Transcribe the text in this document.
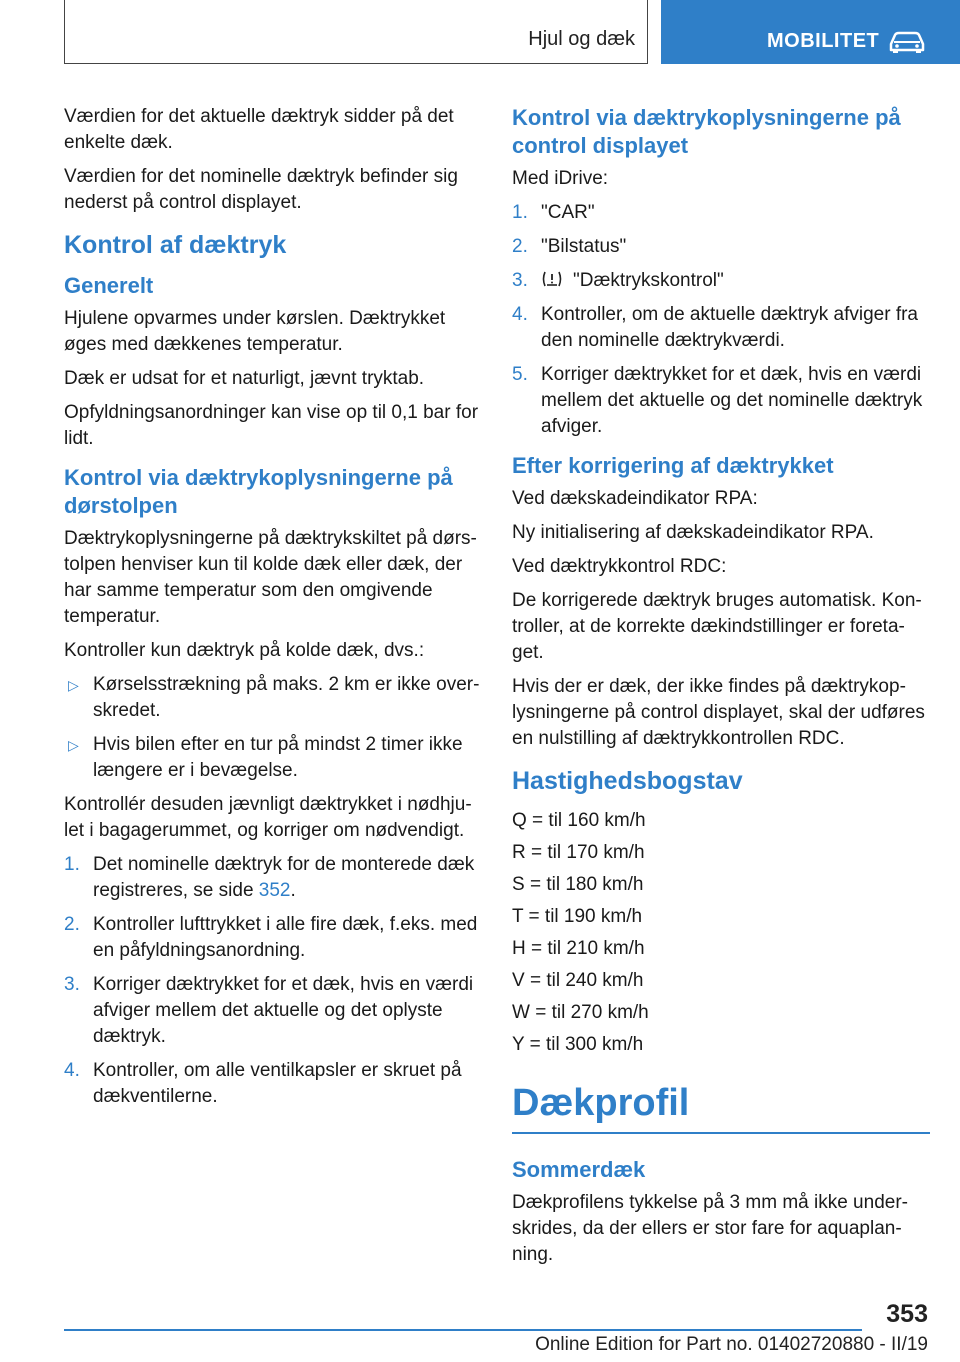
Hjul og dæk	MOBILITET

Værdien for det aktuelle dæktryk sidder på det enkelte dæk.

Værdien for det nominelle dæktryk befinder sig nederst på control displayet.

Kontrol af dæktryk
Generelt

Hjulene opvarmes under kørslen. Dæktrykket øges med dækkenes temperatur.

Dæk er udsat for et naturligt, jævnt tryktab.

Opfyldningsanordninger kan vise op til 0,1 bar for lidt.

Kontrol via dæktrykoplysningerne på dørstolpen

Dæktrykoplysningerne på dæktrykskiltet på dørstolpen henviser kun til kolde dæk eller dæk, der har samme temperatur som den omgivende temperatur.

Kontroller kun dæktryk på kolde dæk, dvs.:

▷ Kørselsstrækning på maks. 2 km er ikke overskredet.
▷ Hvis bilen efter en tur på mindst 2 timer ikke længere er i bevægelse.

Kontrollér desuden jævnligt dæktrykket i nødhjulet i bagagerummet, og korriger om nødvendigt.

1. Det nominelle dæktryk for de monterede dæk registreres, se side 352.
2. Kontroller lufttrykket i alle fire dæk, f.eks. med en påfyldningsanordning.
3. Korriger dæktrykket for et dæk, hvis en værdi afviger mellem det aktuelle og det oplyste dæktryk.
4. Kontroller, om alle ventilkapsler er skruet på dækventilerne.
Kontrol via dæktrykoplysningerne på control displayet

Med iDrive:

1. "CAR"
2. "Bilstatus"
3. "Dæktrykskontrol"
4. Kontroller, om de aktuelle dæktryk afviger fra den nominelle dæktrykværdi.
5. Korriger dæktrykket for et dæk, hvis en værdi mellem det aktuelle og det nominelle dæktryk afviger.
Efter korrigering af dæktrykket

Ved dækskadeindikator RPA:

Ny initialisering af dækskadeindikator RPA.

Ved dæktrykkontrol RDC:

De korrigerede dæktryk bruges automatisk. Kontroller, at de korrekte dækindstillinger er foretaget.

Hvis der er dæk, der ikke findes på dæktrykoplysningerne på control displayet, skal der udføres en nulstilling af dæktrykkontrollen RDC.

Hastighedsbogstav

Q = til 160 km/h

R = til 170 km/h

S = til 180 km/h

T = til 190 km/h

H = til 210 km/h

V = til 240 km/h

W = til 270 km/h

Y = til 300 km/h

Dækprofil
Sommerdæk

Dækprofilens tykkelse på 3 mm må ikke underskrides, da der ellers er stor fare for aquaplanning.

353
Online Edition for Part no. 01402720880 - II/19
